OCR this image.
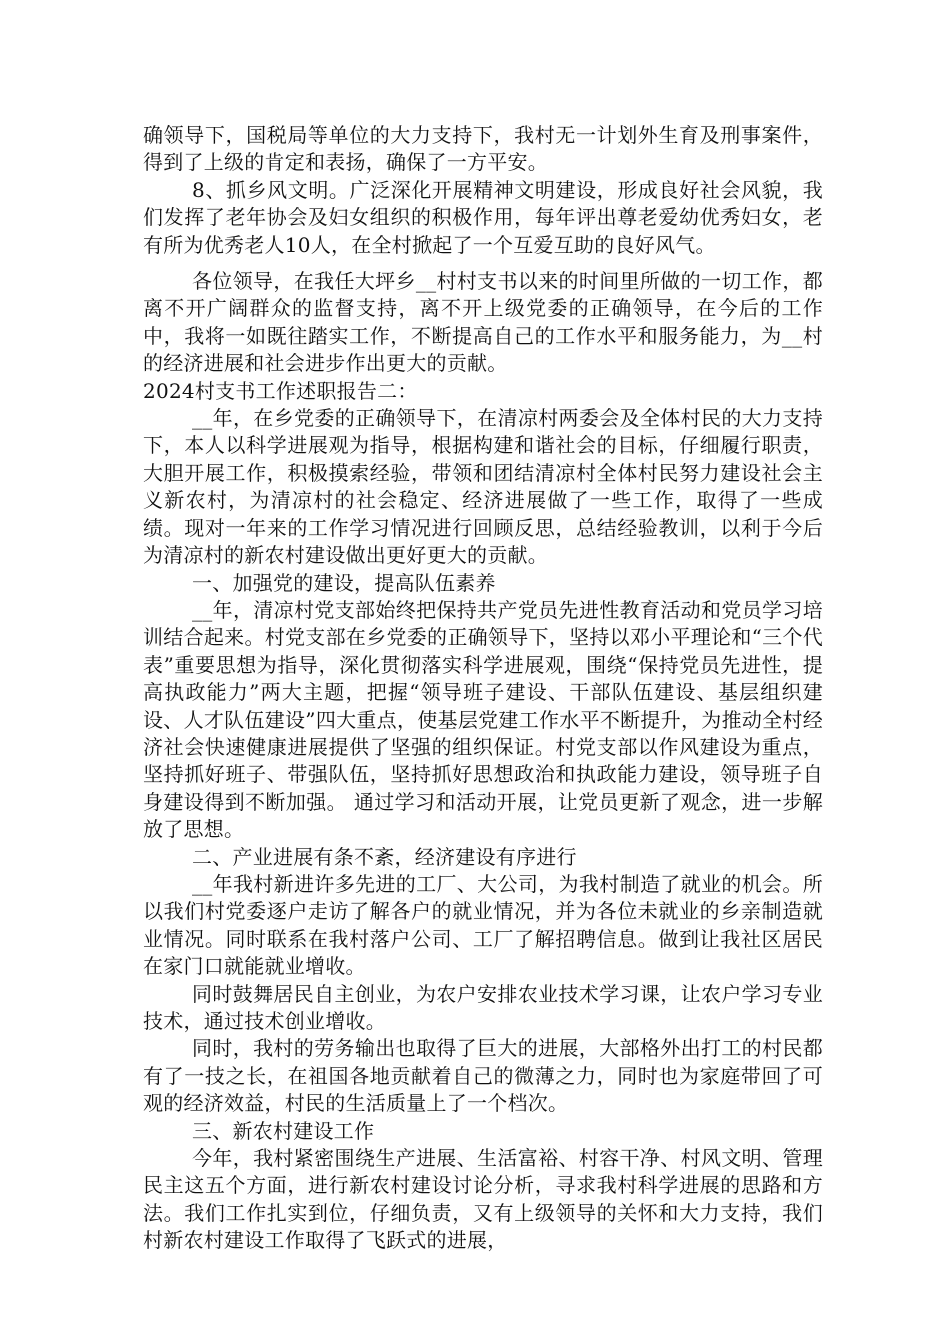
确领导下，国税局等单位的大力支持下，我村无一计划外生育及刑事案件，得到了上级的肯定和表扬，确保了一方平安。

8、抓乡风文明。广泛深化开展精神文明建设，形成良好社会风貌，我们发挥了老年协会及妇女组织的积极作用，每年评出尊老爱幼优秀妇女，老有所为优秀老人10人，在全村掀起了一个互爱互助的良好风气。

各位领导，在我任大坪乡__村村支书以来的时间里所做的一切工作，都离不开广阔群众的监督支持，离不开上级党委的正确领导，在今后的工作中，我将一如既往踏实工作，不断提高自己的工作水平和服务能力，为__村的经济进展和社会进步作出更大的贡献。

2024村支书工作述职报告二：

__年，在乡党委的正确领导下，在清凉村两委会及全体村民的大力支持下，本人以科学进展观为指导，根据构建和谐社会的目标，仔细履行职责，大胆开展工作，积极摸索经验，带领和团结清凉村全体村民努力建设社会主义新农村，为清凉村的社会稳定、经济进展做了一些工作，取得了一些成绩。现对一年来的工作学习情况进行回顾反思，总结经验教训，以利于今后为清凉村的新农村建设做出更好更大的贡献。

一、加强党的建设，提高队伍素养

__年，清凉村党支部始终把保持共产党员先进性教育活动和党员学习培训结合起来。村党支部在乡党委的正确领导下，坚持以邓小平理论和“三个代表”重要思想为指导，深化贯彻落实科学进展观，围绕“保持党员先进性，提高执政能力”两大主题，把握“领导班子建设、干部队伍建设、基层组织建设、人才队伍建设”四大重点，使基层党建工作水平不断提升，为推动全村经济社会快速健康进展提供了坚强的组织保证。村党支部以作风建设为重点，坚持抓好班子、带强队伍，坚持抓好思想政治和执政能力建设，领导班子自身建设得到不断加强。 通过学习和活动开展，让党员更新了观念，进一步解放了思想。

二、产业进展有条不紊，经济建设有序进行

__年我村新进许多先进的工厂、大公司，为我村制造了就业的机会。所以我们村党委逐户走访了解各户的就业情况，并为各位未就业的乡亲制造就业情况。同时联系在我村落户公司、工厂了解招聘信息。做到让我社区居民在家门口就能就业增收。

同时鼓舞居民自主创业，为农户安排农业技术学习课，让农户学习专业技术，通过技术创业增收。

同时，我村的劳务输出也取得了巨大的进展，大部格外出打工的村民都有了一技之长，在祖国各地贡献着自己的微薄之力，同时也为家庭带回了可观的经济效益，村民的生活质量上了一个档次。

三、新农村建设工作

今年，我村紧密围绕生产进展、生活富裕、村容干净、村风文明、管理民主这五个方面，进行新农村建设讨论分析，寻求我村科学进展的思路和方法。我们工作扎实到位，仔细负责，又有上级领导的关怀和大力支持，我们村新农村建设工作取得了飞跃式的进展，
